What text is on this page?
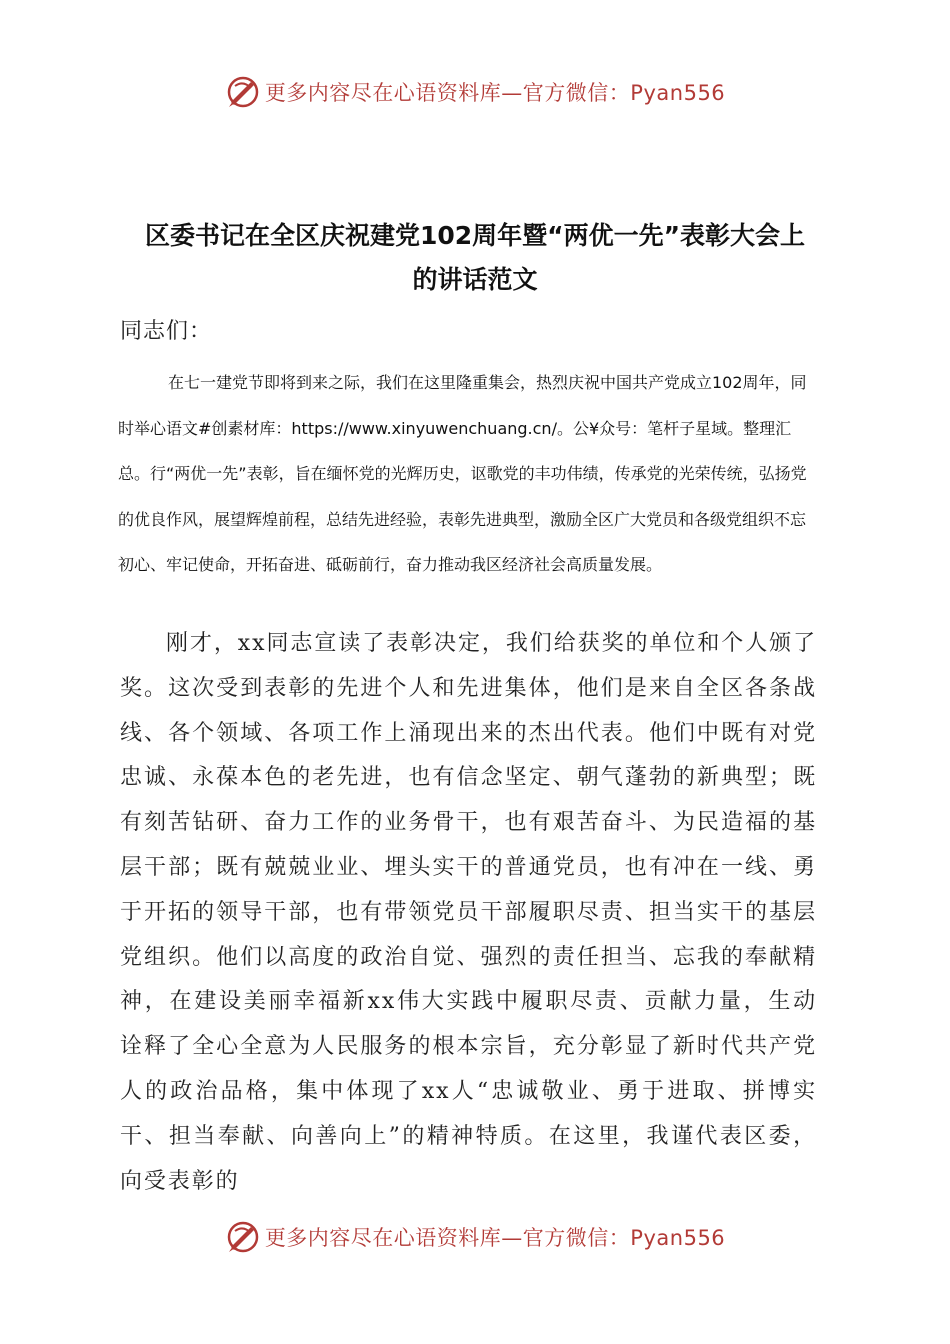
更多内容尽在心语资料库—官方微信：Pyan556
区委书记在全区庆祝建党102周年暨“两优一先”表彰大会上
的讲话范文
同志们：

在七一建党节即将到来之际，我们在这里隆重集会，热烈庆祝中国共产党成立102周年，同时举心语文#创素材库：https://www.xinyuwenchuang.cn/。公¥众号：笔杆子星域。整理汇总。行“两优一先”表彰，旨在缅怀党的光辉历史，讴歌党的丰功伟绩，传承党的光荣传统，弘扬党的优良作风，展望辉煌前程，总结先进经验，表彰先进典型，激励全区广大党员和各级党组织不忘初心、牢记使命，开拓奋进、砥砺前行，奋力推动我区经济社会高质量发展。

刚才，xx同志宣读了表彰决定，我们给获奖的单位和个人颁了奖。这次受到表彰的先进个人和先进集体，他们是来自全区各条战线、各个领域、各项工作上涌现出来的杰出代表。他们中既有对党忠诚、永葆本色的老先进，也有信念坚定、朝气蓬勃的新典型；既有刻苦钻研、奋力工作的业务骨干，也有艰苦奋斗、为民造福的基层干部；既有兢兢业业、埋头实干的普通党员，也有冲在一线、勇于开拓的领导干部，也有带领党员干部履职尽责、担当实干的基层党组织。他们以高度的政治自觉、强烈的责任担当、忘我的奉献精神，在建设美丽幸福新xx伟大实践中履职尽责、贡献力量，生动诠释了全心全意为人民服务的根本宗旨，充分彰显了新时代共产党人的政治品格，集中体现了xx人“忠诚敬业、勇于进取、拼博实干、担当奉献、向善向上”的精神特质。在这里，我谨代表区委，向受表彰的

更多内容尽在心语资料库—官方微信：Pyan556
